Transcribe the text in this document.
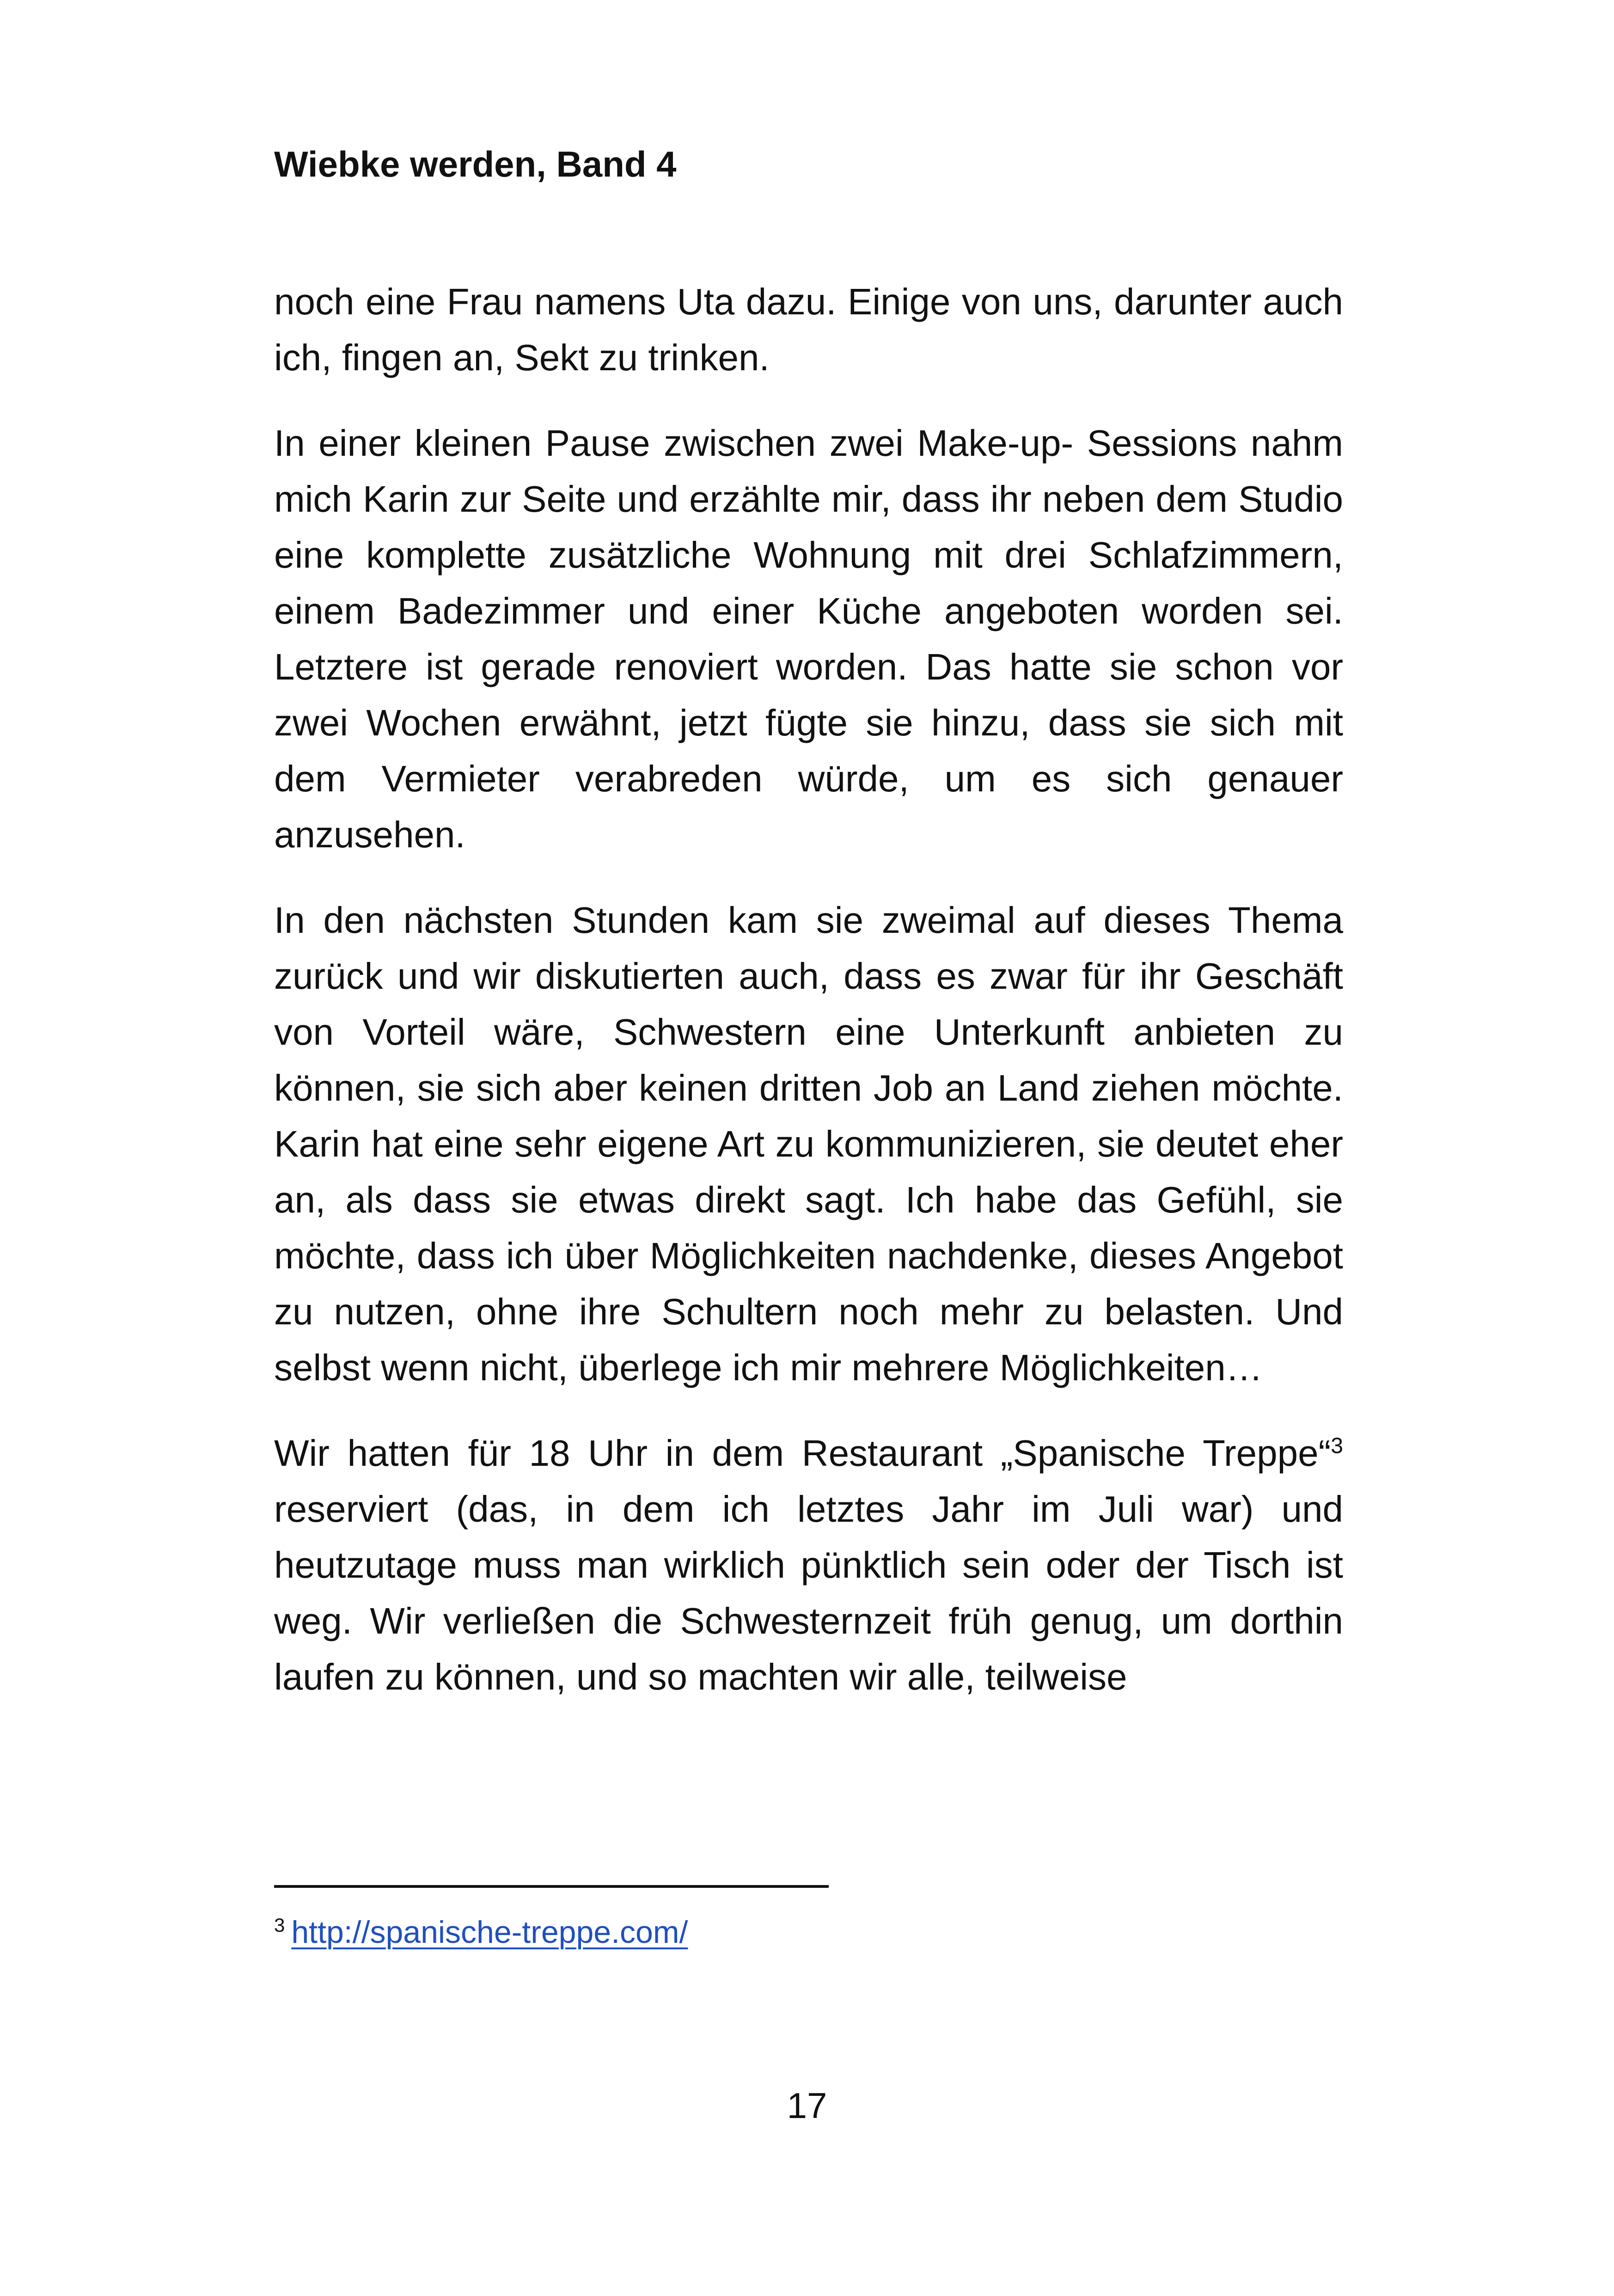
Wiebke werden, Band 4

noch eine Frau namens Uta dazu. Einige von uns, darunter auch ich, fingen an, Sekt zu trinken.

In einer kleinen Pause zwischen zwei Make-up- Sessions nahm mich Karin zur Seite und erzählte mir, dass ihr neben dem Studio eine komplette zusätzliche Wohnung mit drei Schlafzimmern, einem Badezimmer und einer Küche angeboten worden sei. Letztere ist gerade renoviert worden. Das hatte sie schon vor zwei Wochen erwähnt, jetzt fügte sie hinzu, dass sie sich mit dem Vermieter verabreden würde, um es sich genauer anzusehen.

In den nächsten Stunden kam sie zweimal auf dieses Thema zurück und wir diskutierten auch, dass es zwar für ihr Geschäft von Vorteil wäre, Schwestern eine Unterkunft anbieten zu können, sie sich aber keinen dritten Job an Land ziehen möchte. Karin hat eine sehr eigene Art zu kommunizieren, sie deutet eher an, als dass sie etwas direkt sagt. Ich habe das Gefühl, sie möchte, dass ich über Möglichkeiten nachdenke, dieses Angebot zu nutzen, ohne ihre Schultern noch mehr zu belasten. Und selbst wenn nicht, überlege ich mir mehrere Möglichkeiten…

Wir hatten für 18 Uhr in dem Restaurant „Spanische Treppe“$^3$ reserviert (das, in dem ich letztes Jahr im Juli war) und heutzutage muss man wirklich pünktlich sein oder der Tisch ist weg. Wir verließen die Schwesternzeit früh genug, um dorthin laufen zu können, und so machten wir alle, teilweise

$^3$ http://spanische-treppe.com/

17
